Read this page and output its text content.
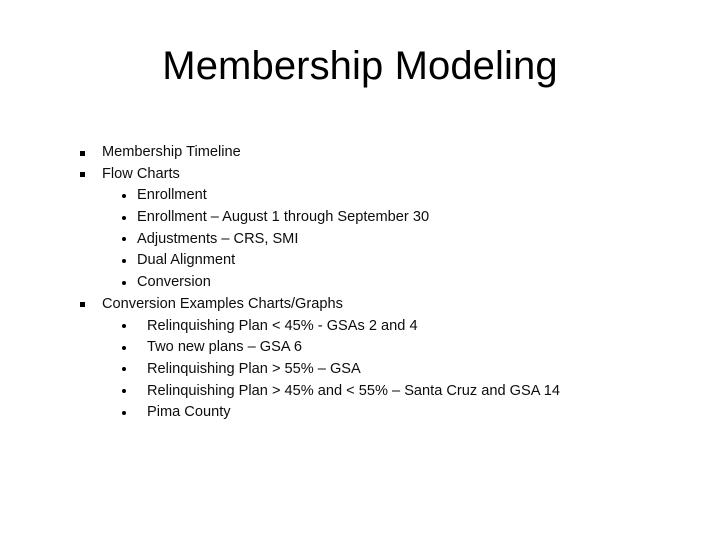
Membership Modeling
Membership Timeline
Flow Charts
Enrollment
Enrollment – August 1 through September 30
Adjustments – CRS, SMI
Dual Alignment
Conversion
Conversion Examples Charts/Graphs
Relinquishing Plan < 45% - GSAs 2 and 4
Two new plans – GSA 6
Relinquishing Plan > 55% – GSA
Relinquishing Plan > 45% and < 55% – Santa Cruz and GSA 14
Pima County
